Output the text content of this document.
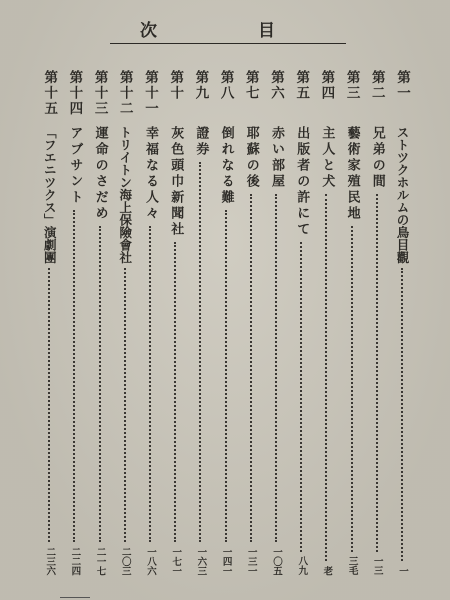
次	目
第一
ストツクホルムの鳥目觀
一
第二
兄弟の間
一三
第三
藝術家殖民地
三毛
第四
主人と犬
老
第五
出版者の許にて
八九
第六
赤い部屋
一〇五
第七
耶蘇の後
一三一
第八
倒れなる難
一四一
第九
證券
一六三
第十
灰色頭巾新聞社
一七一
第十一
幸福なる人々
一八六
第十二
トリイトン海上保險會社
二〇三
第十三
運命のさだめ
二一七
第十四
アブサント
二二四
第十五
「フエニツクス」演劇團
二三六
